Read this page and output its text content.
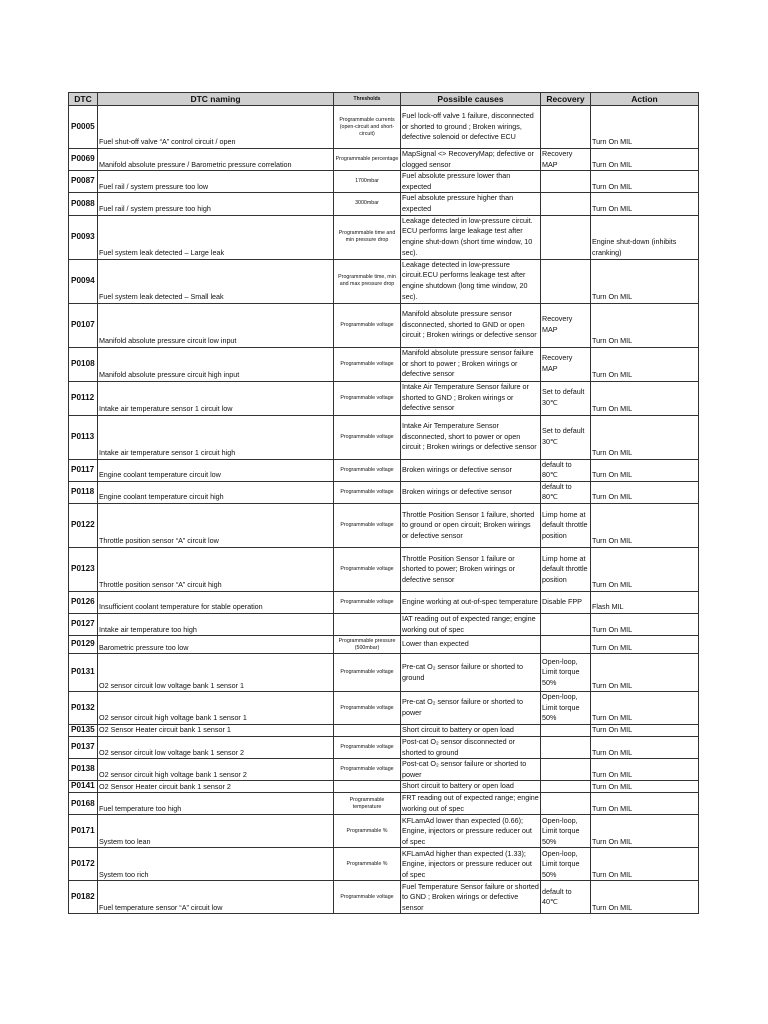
DTC	DTC naming	Thresholds	Possible causes	Recovery	Action
P0005	Fuel shut-off valve “A” control circuit / open	Programmable currents (open-circuit and short-circuit)	Fuel lock-off valve 1 failure, disconnected or shorted to ground ; Broken wirings, defective solenoid or defective ECU		Turn On MIL
P0069	Manifold absolute pressure / Barometric pressure correlation	Programmable percentage	MapSignal <> RecoveryMap; defective or clogged sensor	Recovery MAP	Turn On MIL
P0087	Fuel rail / system pressure too low	1700mbar	Fuel absolute pressure lower than expected		Turn On MIL
P0088	Fuel rail / system pressure too high	3000mbar	Fuel absolute pressure higher than expected		Turn On MIL
P0093	Fuel system leak detected – Large leak	Programmable time and min pressure drop	Leakage detected in low-pressure circuit. ECU performs large leakage test after engine shut-down (short time window, 10 sec).		Engine shut-down (inhibits cranking)
P0094	Fuel system leak detected – Small leak	Programmable time, min and max pressure drop	Leakage detected in low-pressure circuit.ECU performs leakage test after engine shutdown (long time window, 20 sec).		Turn On MIL
P0107	Manifold absolute pressure circuit low input	Programmable voltage	Manifold absolute pressure sensor disconnected, shorted to GND or open circuit ; Broken wirings or defective sensor	Recovery MAP	Turn On MIL
P0108	Manifold absolute pressure circuit high input	Programmable voltage	Manifold absolute pressure sensor failure or short to power ; Broken wirings or defective sensor	Recovery MAP	Turn On MIL
P0112	Intake air temperature sensor 1 circuit low	Programmable voltage	Intake Air Temperature Sensor failure or shorted to GND ; Broken wirings or defective sensor	Set to default 30℃	Turn On MIL
P0113	Intake air temperature sensor 1 circuit high	Programmable voltage	Intake Air Temperature Sensor disconnected, short to power or open circuit ; Broken wirings or defective sensor	Set to default 30℃	Turn On MIL
P0117	Engine coolant temperature circuit low	Programmable voltage	Broken wirings or defective sensor	default to 80℃	Turn On MIL
P0118	Engine coolant temperature circuit high	Programmable voltage	Broken wirings or defective sensor	default to 80℃	Turn On MIL
P0122	Throttle position sensor “A” circuit low	Programmable voltage	Throttle Position Sensor 1 failure, shorted to ground or open circuit; Broken wirings or defective sensor	Limp home at default throttle position	Turn On MIL
P0123	Throttle position sensor “A” circuit high	Programmable voltage	Throttle Position Sensor 1 failure or shorted to power; Broken wirings or defective sensor	Limp home at default throttle position	Turn On MIL
P0126	Insufficient coolant temperature for stable operation	Programmable voltage	Engine working at out-of-spec temperature	Disable FPP	Flash MIL
P0127	Intake air temperature too high		IAT reading out of expected range; engine working out of spec		Turn On MIL
P0129	Barometric pressure too low	Programmable pressure (500mbar)	Lower than expected		Turn On MIL
P0131	O2 sensor circuit low voltage bank 1 sensor 1	Programmable voltage	Pre-cat O₂ sensor failure or shorted to ground	Open-loop, Limit torque 50%	Turn On MIL
P0132	O2 sensor circuit high voltage bank 1 sensor 1	Programmable voltage	Pre-cat O₂ sensor failure or shorted to power	Open-loop, Limit torque 50%	Turn On MIL
P0135	O2 Sensor Heater circuit bank 1 sensor 1		Short circuit to battery or open load		Turn On MIL
P0137	O2 sensor circuit low voltage bank 1 sensor 2	Programmable voltage	Post-cat O₂ sensor disconnected or shorted to ground		Turn On MIL
P0138	O2 sensor circuit high voltage bank 1 sensor 2	Programmable voltage	Post-cat O₂ sensor failure or shorted to power		Turn On MIL
P0141	O2 Sensor Heater circuit bank 1 sensor 2		Short circuit to battery or open load		Turn On MIL
P0168	Fuel temperature too high	Programmable temperature	FRT reading out of expected range; engine working out of spec		Turn On MIL
P0171	System too lean	Programmable %	KFLamAd lower than expected (0.66); Engine, injectors or pressure reducer out of spec	Open-loop, Limit torque 50%	Turn On MIL
P0172	System too rich	Programmable %	KFLamAd higher than expected (1.33); Engine, injectors or pressure reducer out of spec	Open-loop, Limit torque 50%	Turn On MIL
P0182	Fuel temperature sensor “A” circuit low	Programmable voltage	Fuel Temperature Sensor failure or shorted to GND ; Broken wirings or defective sensor	default to 40℃	Turn On MIL
